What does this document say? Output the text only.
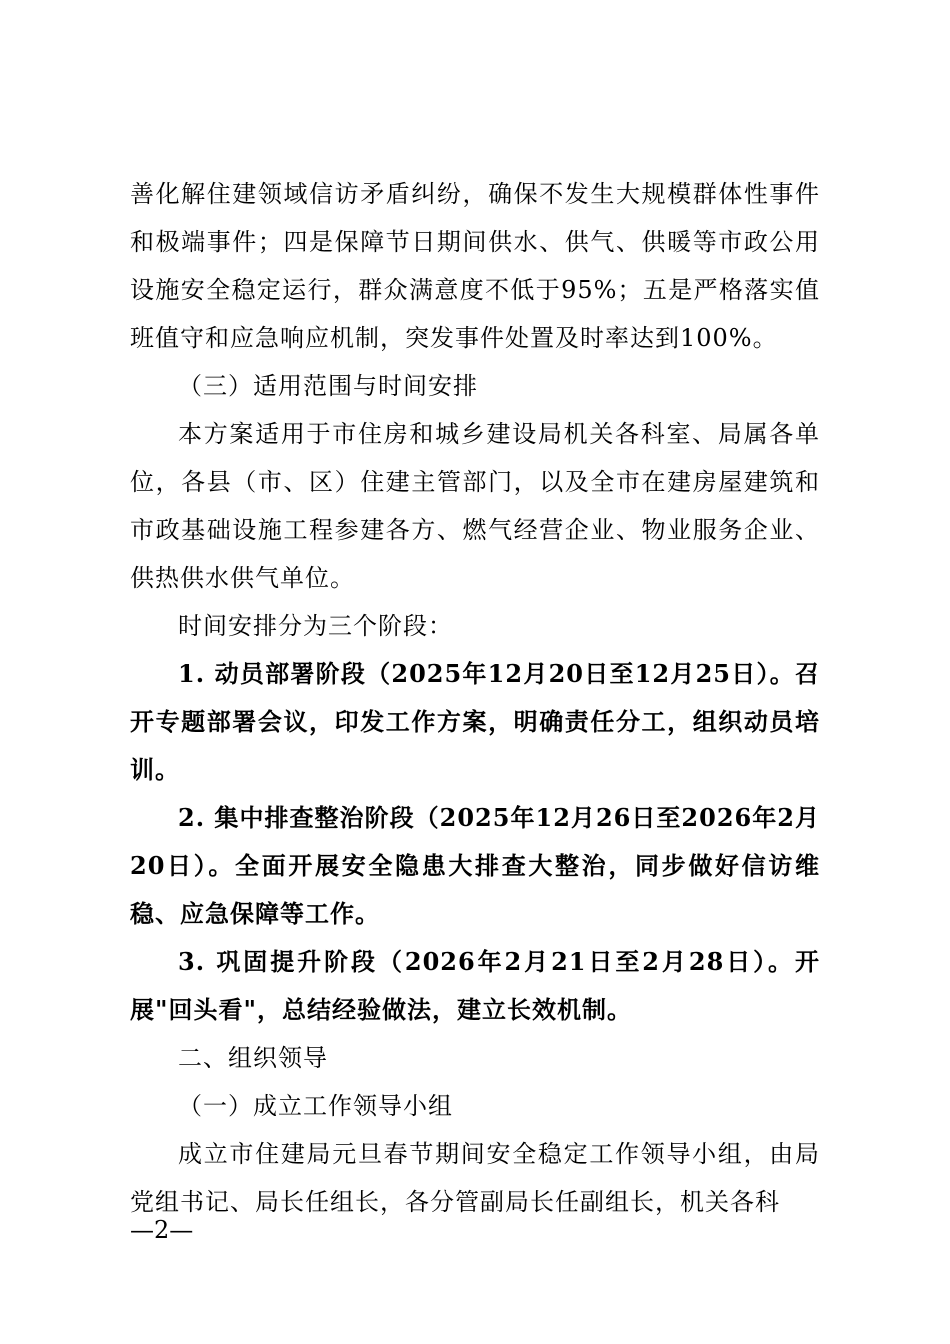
善化解住建领域信访矛盾纠纷，确保不发生大规模群体性事件和极端事件；四是保障节日期间供水、供气、供暖等市政公用设施安全稳定运行，群众满意度不低于95%；五是严格落实值班值守和应急响应机制，突发事件处置及时率达到100%。

（三）适用范围与时间安排

本方案适用于市住房和城乡建设局机关各科室、局属各单位，各县（市、区）住建主管部门，以及全市在建房屋建筑和市政基础设施工程参建各方、燃气经营企业、物业服务企业、供热供水供气单位。

时间安排分为三个阶段：

1. 动员部署阶段（2025年12月20日至12月25日）。召开专题部署会议，印发工作方案，明确责任分工，组织动员培训。

2. 集中排查整治阶段（2025年12月26日至2026年2月20日）。全面开展安全隐患大排查大整治，同步做好信访维稳、应急保障等工作。

3. 巩固提升阶段（2026年2月21日至2月28日）。开展"回头看"，总结经验做法，建立长效机制。

二、组织领导

（一）成立工作领导小组

成立市住建局元旦春节期间安全稳定工作领导小组，由局党组书记、局长任组长，各分管副局长任副组长，机关各科

—2—
